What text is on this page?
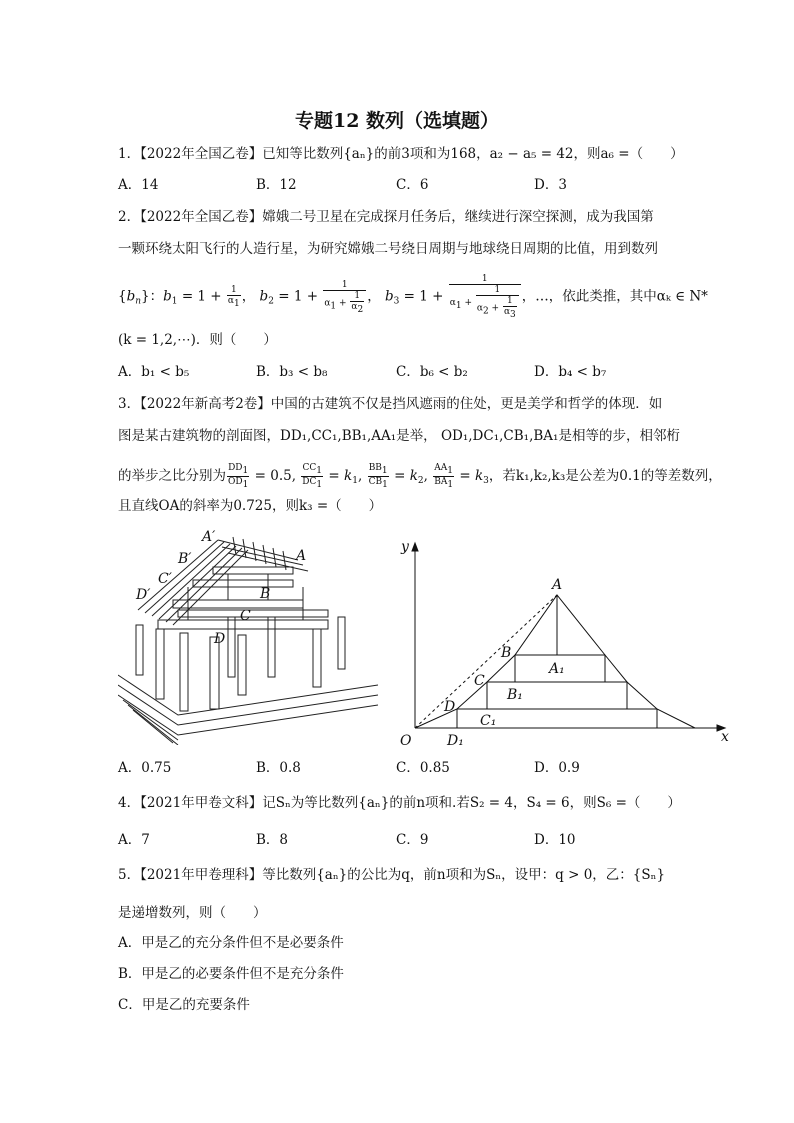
专题12 数列（选填题）
1．【2022年全国乙卷】已知等比数列{aₙ}的前3项和为168，a₂ − a₅ = 42，则a₆ =（　　）
A．14	B．12	C．6	D．3
2．【2022年全国乙卷】嫦娥二号卫星在完成探月任务后，继续进行深空探测，成为我国第
一颗环绕太阳飞行的人造行星，为研究嫦娥二号绕日周期与地球绕日周期的比值，用到数列
$\{b_n\}$：$b_1 = 1 + \frac{1}{\alpha_1}$ ， $b_2 = 1 + \frac{1}{\alpha_1 + \frac{1}{\alpha_2}}$ ， $b_3 = 1 + \frac{1}{\alpha_1 + \frac{1}{\alpha_2 + \frac{1}{\alpha_3}}}$ ，…，依此类推，其中αₖ ∈ N*
(k = 1,2,⋯)．则（　　）
A．b₁ < b₅	B．b₃ < b₈	C．b₆ < b₂	D．b₄ < b₇
3．【2022年新高考2卷】中国的古建筑不仅是挡风遮雨的住处，更是美学和哲学的体现．如
图是某古建筑物的剖面图，DD₁,CC₁,BB₁,AA₁是举， OD₁,DC₁,CB₁,BA₁是相等的步，相邻桁
的举步之比分别为 $\frac{DD_1}{OD_1} = 0.5$, $\frac{CC_1}{DC_1} = k_1$, $\frac{BB_1}{CB_1} = k_2$, $\frac{AA_1}{BA_1} = k_3$，若k₁,k₂,k₃是公差为0.1的等差数列，
且直线OA的斜率为0.725，则k₃ =（　　）
A′
B′
C′
D′
A
B
C
D
y
x
O
A
B
C
D
A₁
B₁
C₁
D₁
A．0.75	B．0.8	C．0.85	D．0.9
4．【2021年甲卷文科】记Sₙ为等比数列{aₙ}的前n项和.若S₂ = 4，S₄ = 6，则S₆ =（　　）
A．7	B．8	C．9	D．10
5．【2021年甲卷理科】等比数列{aₙ}的公比为q，前n项和为Sₙ，设甲：q > 0，乙：{Sₙ}
是递增数列，则（　　）
A．甲是乙的充分条件但不是必要条件
B．甲是乙的必要条件但不是充分条件
C．甲是乙的充要条件
